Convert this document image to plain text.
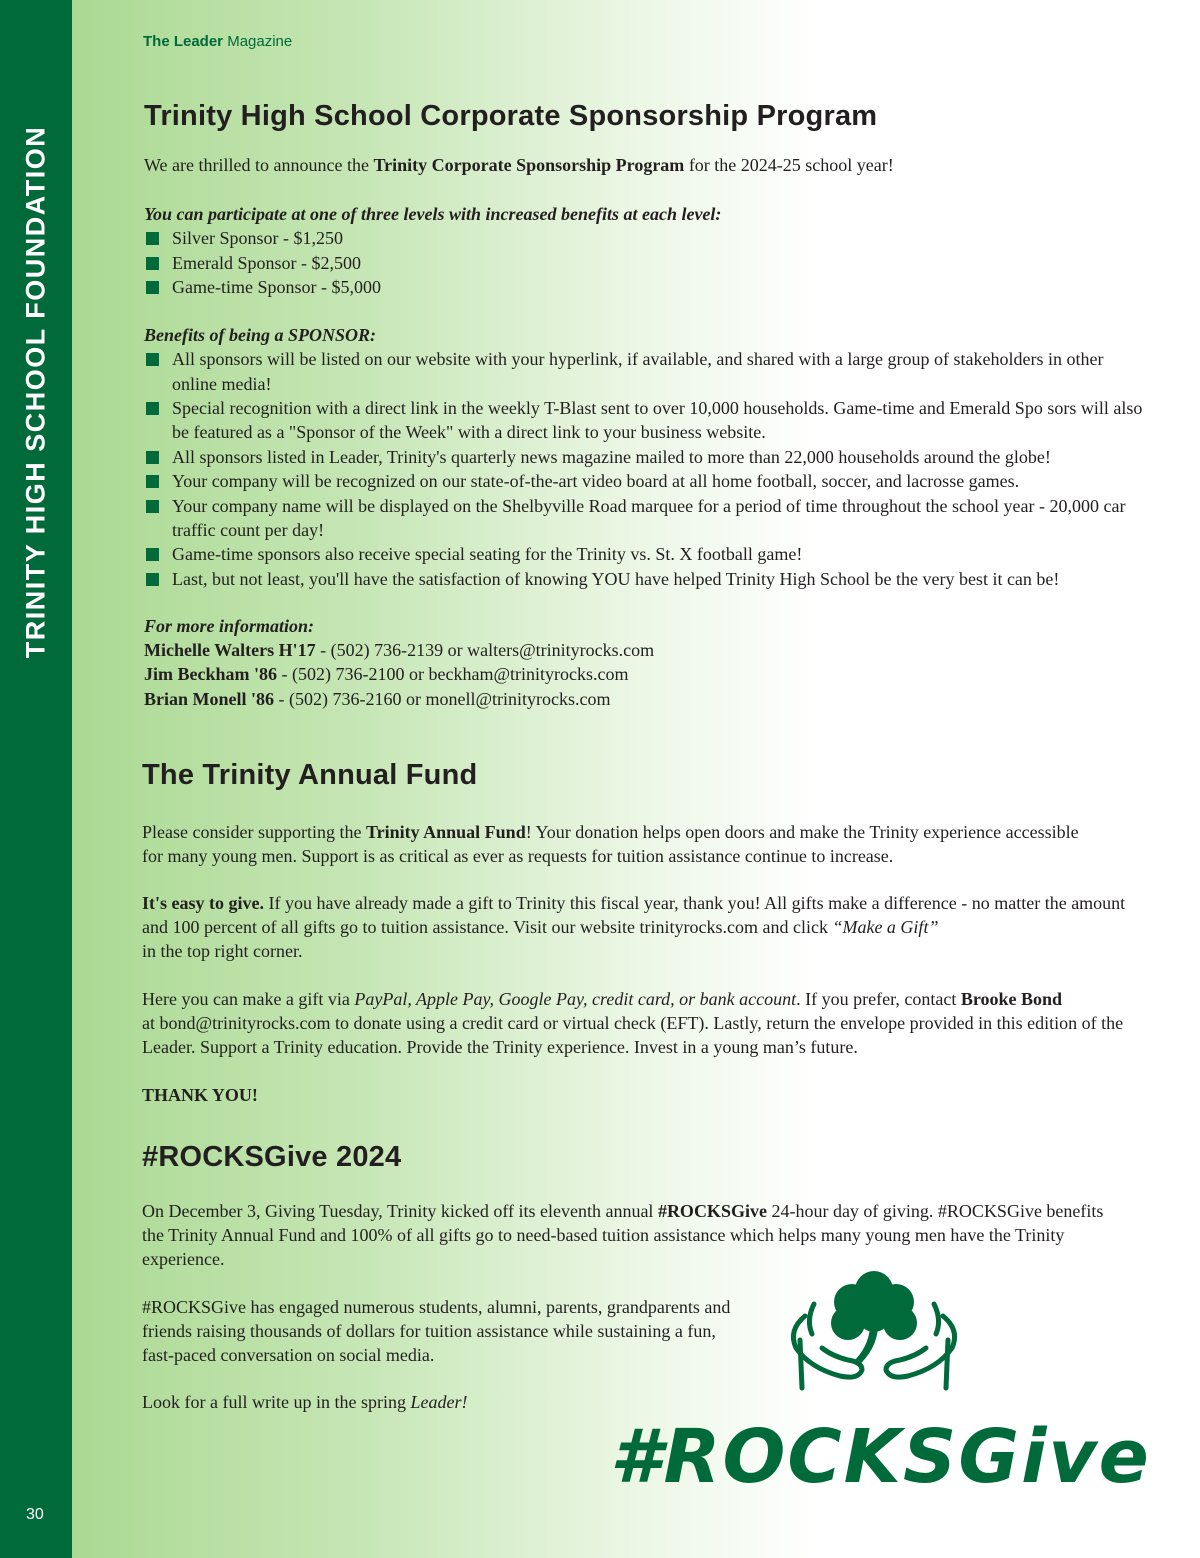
TRINITY HIGH SCHOOL FOUNDATION
30
The Leader Magazine
Trinity High School Corporate Sponsorship Program

We are thrilled to announce the Trinity Corporate Sponsorship Program for the 2024-25 school year!

You can participate at one of three levels with increased benefits at each level:

Silver Sponsor - $1,250
Emerald Sponsor - $2,500
Game-time Sponsor - $5,000

Benefits of being a SPONSOR:

All sponsors will be listed on our website with your hyperlink, if available, and shared with a large group of stakeholders in other online media!
Special recognition with a direct link in the weekly T-Blast sent to over 10,000 households. Game-time and Emerald Spo sors will also be featured as a "Sponsor of the Week" with a direct link to your business website.
All sponsors listed in Leader, Trinity's quarterly news magazine mailed to more than 22,000 households around the globe!
Your company will be recognized on our state-of-the-art video board at all home football, soccer, and lacrosse games.
Your company name will be displayed on the Shelbyville Road marquee for a period of time throughout the school year - 20,000 car traffic count per day!
Game-time sponsors also receive special seating for the Trinity vs. St. X football game!
Last, but not least, you'll have the satisfaction of knowing YOU have helped Trinity High School be the very best it can be!

For more information:

Michelle Walters H'17 - (502) 736-2139 or walters@trinityrocks.com

Jim Beckham '86 - (502) 736-2100 or beckham@trinityrocks.com

Brian Monell '86 - (502) 736-2160 or monell@trinityrocks.com

The Trinity Annual Fund

Please consider supporting the Trinity Annual Fund! Your donation helps open doors and make the Trinity experience accessible for many young men. Support is as critical as ever as requests for tuition assistance continue to increase.

It's easy to give. If you have already made a gift to Trinity this fiscal year, thank you! All gifts make a difference - no matter the amount and 100 percent of all gifts go to tuition assistance. Visit our website trinityrocks.com and click “Make a Gift”
in the top right corner.

Here you can make a gift via PayPal, Apple Pay, Google Pay, credit card, or bank account. If you prefer, contact Brooke Bond
at bond@trinityrocks.com to donate using a credit card or virtual check (EFT). Lastly, return the envelope provided in this edition of the Leader. Support a Trinity education. Provide the Trinity experience. Invest in a young man’s future.

THANK YOU!

#ROCKSGive 2024

On December 3, Giving Tuesday, Trinity kicked off its eleventh annual #ROCKSGive 24-hour day of giving. #ROCKSGive benefits the Trinity Annual Fund and 100% of all gifts go to need-based tuition assistance which helps many young men have the Trinity experience.

#ROCKSGive has engaged numerous students, alumni, parents, grandparents and friends raising thousands of dollars for tuition assistance while sustaining a fun, fast-paced conversation on social media.

Look for a full write up in the spring Leader!

#ROCKSGive
